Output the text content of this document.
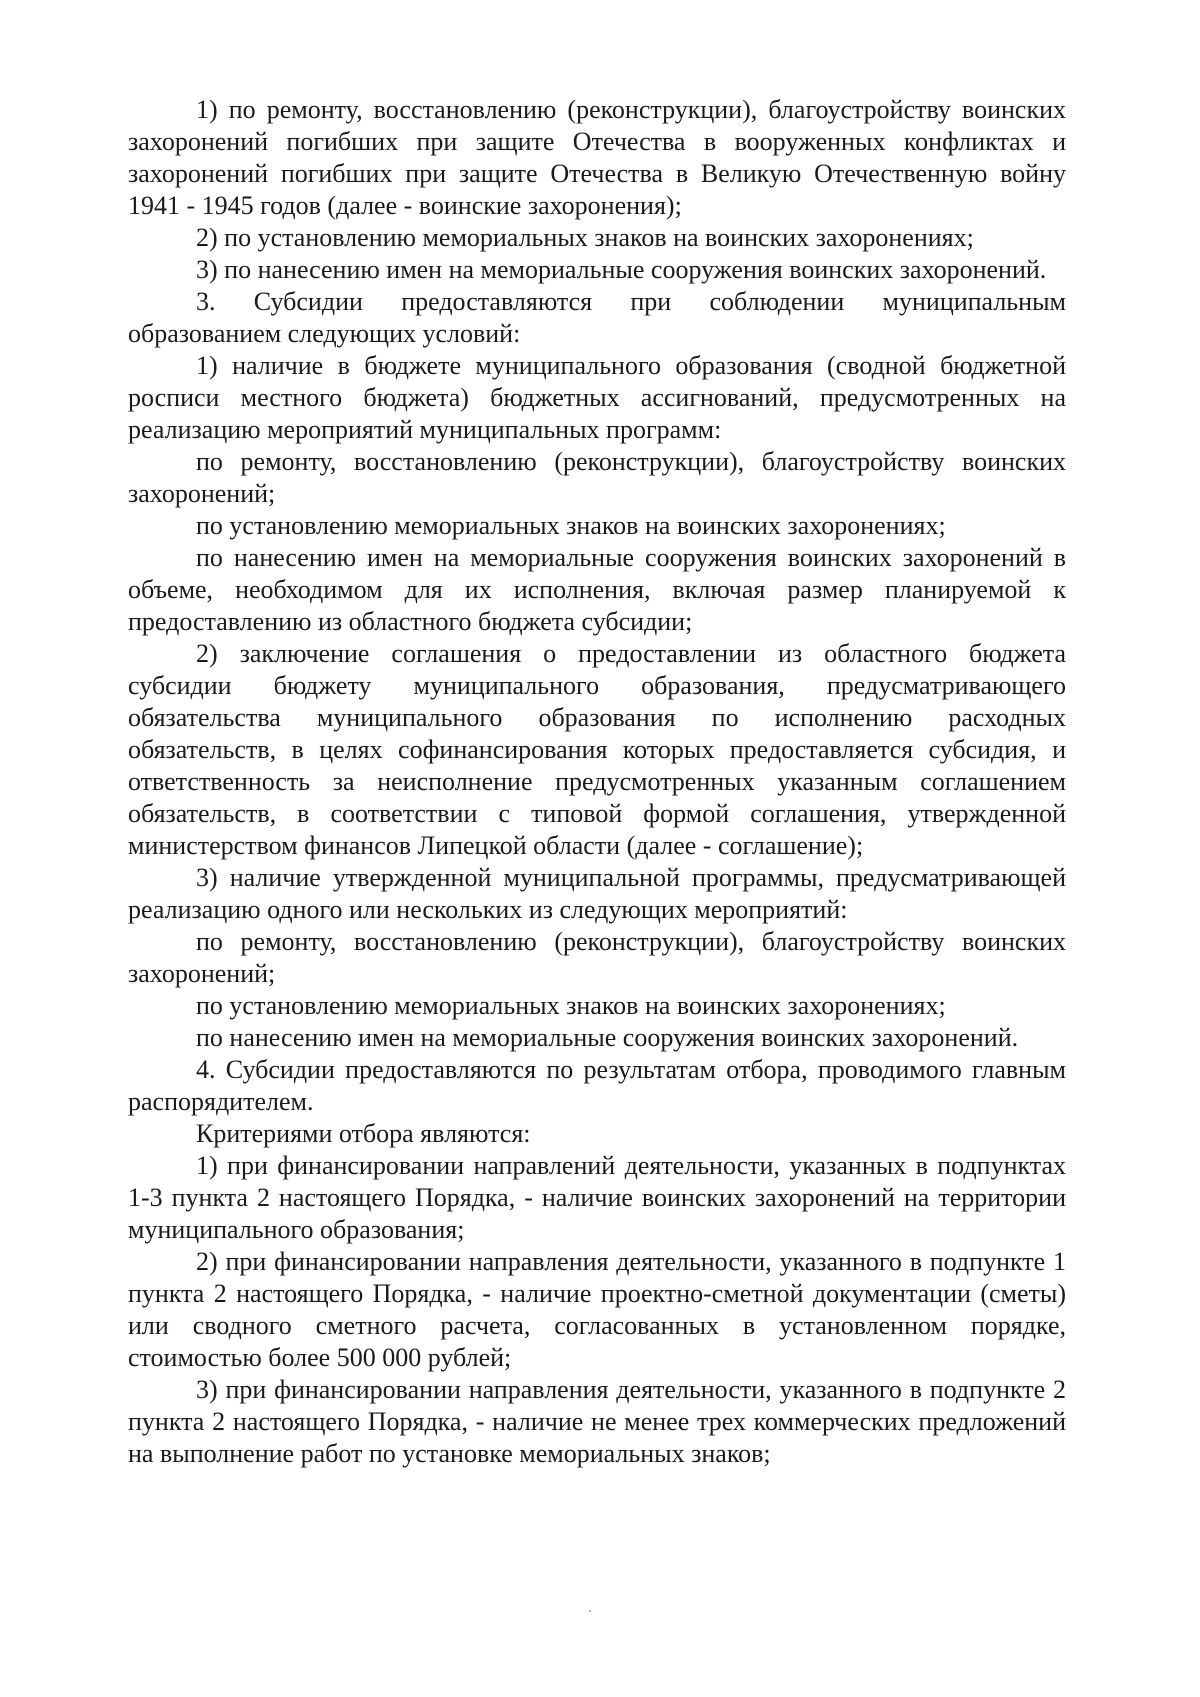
1) по ремонту, восстановлению (реконструкции), благоустройству воинских захоронений погибших при защите Отечества в вооруженных конфликтах и захоронений погибших при защите Отечества в Великую Отечественную войну 1941 - 1945 годов (далее - воинские захоронения);

2) по установлению мемориальных знаков на воинских захоронениях;

3) по нанесению имен на мемориальные сооружения воинских захоронений.

3. Субсидии предоставляются при соблюдении муниципальным образованием следующих условий:

1) наличие в бюджете муниципального образования (сводной бюджетной росписи местного бюджета) бюджетных ассигнований, предусмотренных на реализацию мероприятий муниципальных программ:

по ремонту, восстановлению (реконструкции), благоустройству воинских захоронений;

по установлению мемориальных знаков на воинских захоронениях;

по нанесению имен на мемориальные сооружения воинских захоронений в объеме, необходимом для их исполнения, включая размер планируемой к предоставлению из областного бюджета субсидии;

2) заключение соглашения о предоставлении из областного бюджета субсидии бюджету муниципального образования, предусматривающего обязательства муниципального образования по исполнению расходных обязательств, в целях софинансирования которых предоставляется субсидия, и ответственность за неисполнение предусмотренных указанным соглашением обязательств, в соответствии с типовой формой соглашения, утвержденной министерством финансов Липецкой области (далее - соглашение);

3) наличие утвержденной муниципальной программы, предусматривающей реализацию одного или нескольких из следующих мероприятий:

по ремонту, восстановлению (реконструкции), благоустройству воинских захоронений;

по установлению мемориальных знаков на воинских захоронениях;

по нанесению имен на мемориальные сооружения воинских захоронений.

4. Субсидии предоставляются по результатам отбора, проводимого главным распорядителем.

Критериями отбора являются:

1) при финансировании направлений деятельности, указанных в подпунктах 1-3 пункта 2 настоящего Порядка, - наличие воинских захоронений на территории муниципального образования;

2) при финансировании направления деятельности, указанного в подпункте 1 пункта 2 настоящего Порядка, - наличие проектно-сметной документации (сметы) или сводного сметного расчета, согласованных в установленном порядке, стоимостью более 500 000 рублей;

3) при финансировании направления деятельности, указанного в подпункте 2 пункта 2 настоящего Порядка, - наличие не менее трех коммерческих предложений на выполнение работ по установке мемориальных знаков;
